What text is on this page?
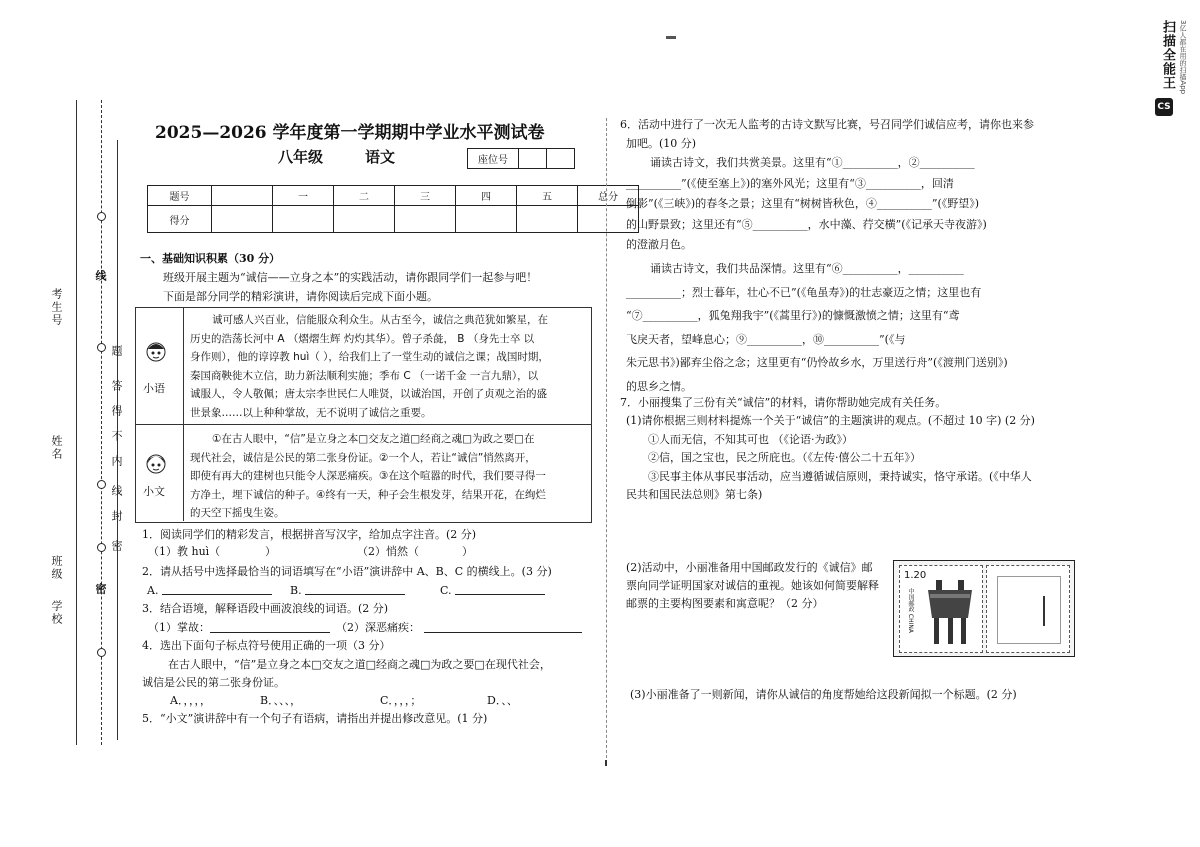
考生号
姓名
班级
学校
线
密
题
答
得
不
内
线
封
密
2025—2026 学年度第一学期期中学业水平测试卷
八年级	语文	座位号		
题号		一	二	三	四	五	总分
得分							
一、基础知识积累（30 分）
班级开展主题为“诚信——立身之本”的实践活动，请你跟同学们一起参与吧！
下面是部分同学的精彩演讲，请你阅读后完成下面小题。
小语
小文

诚可感人兴百业，信能服众利众生。从古至今，诚信之典范犹如繁星，在

历史的浩荡长河中 A （熠熠生辉 灼灼其华）。曾子杀彘， B （身先士卒 以

身作则），他的谆谆教 huì（ ），给我们上了一堂生动的诚信之课；战国时期，

秦国商鞅徙木立信，助力新法顺利实施；季布 C （一诺千金 一言九鼎），以

诚服人，令人敬佩；唐太宗李世民仁人唯贤，以诚治国，开创了贞观之治的盛

世景象……以上种种掌故，无不说明了诚信之重要。

①在古人眼中，“信”是立身之本□交友之道□经商之魂□为政之要□在

现代社会，诚信是公民的第二张身份证。②一个人，若让“诚信”悄然离开，

即使有再大的建树也只能令人深恶痛疾。③在这个喧嚣的时代，我们要寻得一

方净土，埋下诚信的种子。④终有一天，种子会生根发芽，结果开花，在绚烂

的天空下摇曳生姿。

1．阅读同学们的精彩发言，根据拼音写汉字，给加点字注音。(2 分)
（1）教 huì（	）	（2）悄然（	）
2．请从括号中选择最恰当的词语填写在“小语”演讲辞中 A、B、C 的横线上。(3 分)
A.	B.	C.
3．结合语境，解释语段中画波浪线的词语。(2 分)
（1）掌故：	（2）深恶痛疾：
4．选出下面句子标点符号使用正确的一项（3 分）
在古人眼中，“信”是立身之本□交友之道□经商之魂□为政之要□在现代社会，
诚信是公民的第二张身份证。
A．，，，，	B．、、、，	C．，，，；	D．、、
5．“小文”演讲辞中有一个句子有语病，请指出并提出修改意见。(1 分)
6．活动中进行了一次无人监考的古诗文默写比赛，号召同学们诚信应考，请你也来参
加吧。(10 分)

诵读古诗文，我们共赏美景。这里有“①__________，②__________

__________”(《使至塞上》)的塞外风光；这里有“③__________，回清

倒影”(《三峡》)的春冬之景；这里有“树树皆秋色，④__________”(《野望》)

的山野景致；这里还有“⑤__________，水中藻、荇交横”(《记承天寺夜游》)

的澄澈月色。

诵读古诗文，我们共品深情。这里有“⑥__________，__________

__________；烈士暮年，壮心不已”(《龟虽寿》)的壮志豪迈之情；这里也有

“⑦__________，狐兔翔我宇”(《蒿里行》)的慷慨激愤之情；这里有“鸢

飞戾天者，望峰息心；⑨__________，⑩__________”(《与

朱元思书》)鄙弃尘俗之念；这里更有“仍怜故乡水，万里送行舟”(《渡荆门送别》)

的思乡之情。

7．小丽搜集了三份有关“诚信”的材料，请你帮助她完成有关任务。
(1)请你根据三则材料提炼一个关于“诚信”的主题演讲的观点。(不超过 10 字) (2 分)
①人而无信，不知其可也 （《论语·为政》）
②信，国之宝也，民之所庇也。（《左传·僖公二十五年》）
③民事主体从事民事活动，应当遵循诚信原则，秉持诚实，恪守承诺。(《中华人
民共和国民法总则》第七条)
(2)活动中，小丽准备用中国邮政发行的《诚信》邮
票向同学证明国家对诚信的重视。她该如何简要解释
邮票的主要构图要素和寓意呢？（2 分）
1.20
中国邮政 CHINA
(3)小丽准备了一则新闻，请你从诚信的角度帮她给这段新闻拟一个标题。(2 分)
CS
扫描全能王 3亿人都在用的扫描App
